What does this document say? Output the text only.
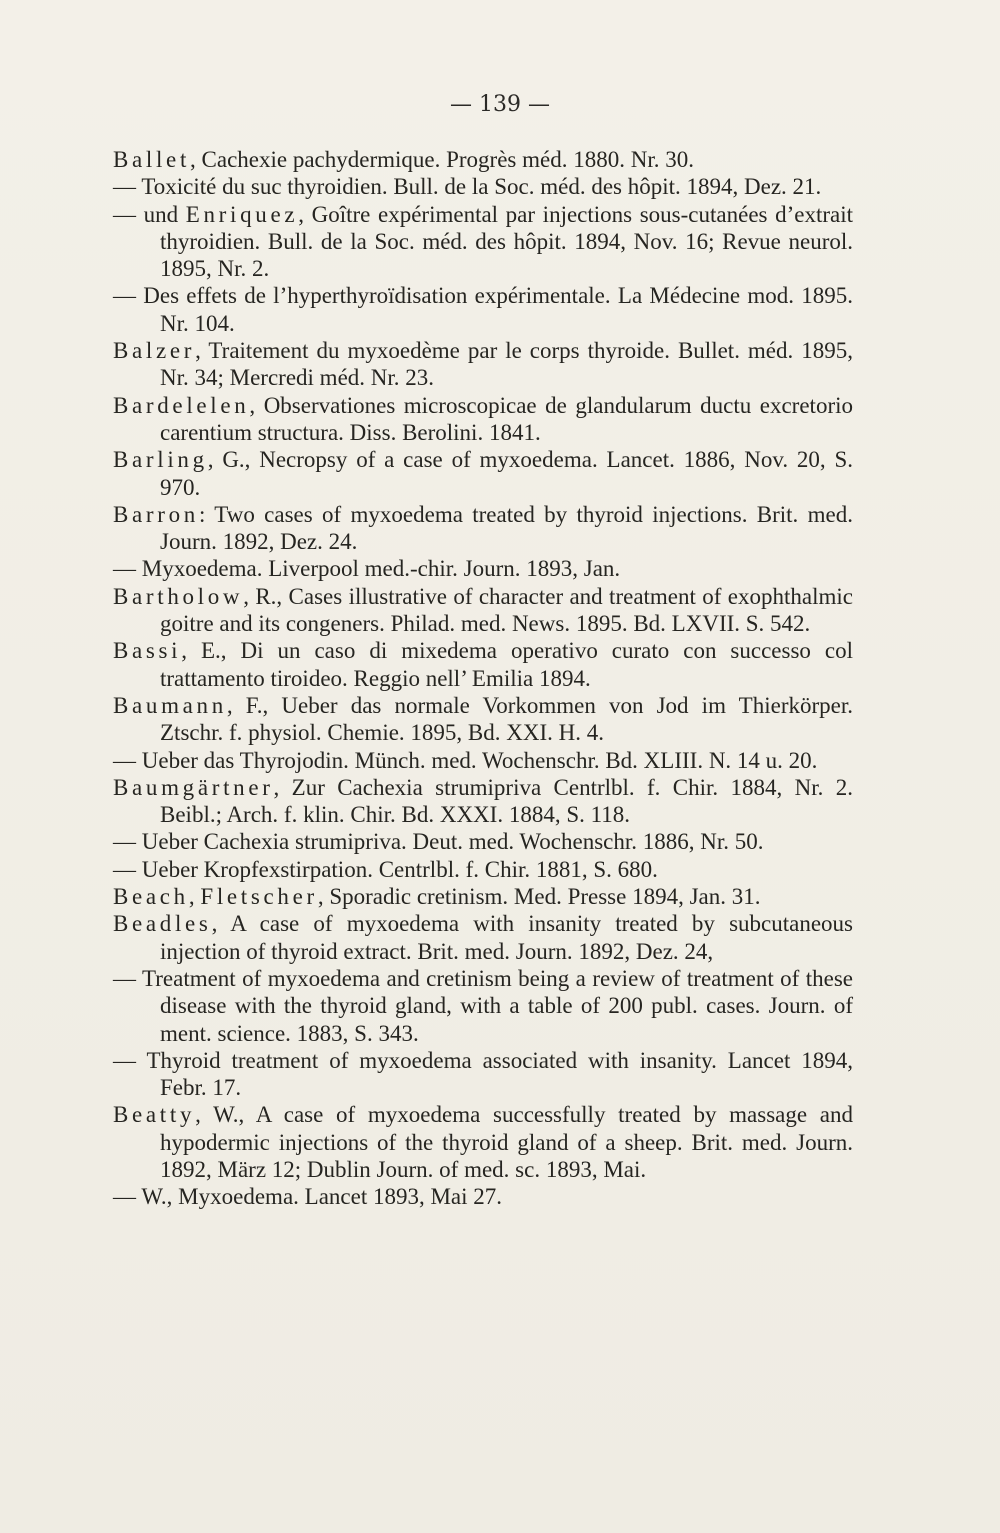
— 139 —

Ballet, Cachexie pachydermique. Progrès méd. 1880. Nr. 30.

— Toxicité du suc thyroidien. Bull. de la Soc. méd. des hôpit. 1894, Dez. 21.

— und Enriquez, Goître expérimental par injections sous-cutanées d’extrait thyroidien. Bull. de la Soc. méd. des hôpit. 1894, Nov. 16; Revue neurol. 1895, Nr. 2.

— Des effets de l’hyperthyroïdisation expérimentale. La Médecine mod. 1895. Nr. 104.

Balzer, Traitement du myxoedème par le corps thyroide. Bullet. méd. 1895, Nr. 34; Mercredi méd. Nr. 23.

Bardelelen, Observationes microscopicae de glandularum ductu excretorio carentium structura. Diss. Berolini. 1841.

Barling, G., Necropsy of a case of myxoedema. Lancet. 1886, Nov. 20, S. 970.

Barron: Two cases of myxoedema treated by thyroid injections. Brit. med. Journ. 1892, Dez. 24.

— Myxoedema. Liverpool med.-chir. Journ. 1893, Jan.

Bartholow, R., Cases illustrative of character and treatment of exophthalmic goitre and its congeners. Philad. med. News. 1895. Bd. LXVII. S. 542.

Bassi, E., Di un caso di mixedema operativo curato con successo col trattamento tiroideo. Reggio nell’ Emilia 1894.

Baumann, F., Ueber das normale Vorkommen von Jod im Thierkörper. Ztschr. f. physiol. Chemie. 1895, Bd. XXI. H. 4.

— Ueber das Thyrojodin. Münch. med. Wochenschr. Bd. XLIII. N. 14 u. 20.

Baumgärtner, Zur Cachexia strumipriva Centrlbl. f. Chir. 1884, Nr. 2. Beibl.; Arch. f. klin. Chir. Bd. XXXI. 1884, S. 118.

— Ueber Cachexia strumipriva. Deut. med. Wochenschr. 1886, Nr. 50.

— Ueber Kropfexstirpation. Centrlbl. f. Chir. 1881, S. 680.

Beach, Fletscher, Sporadic cretinism. Med. Presse 1894, Jan. 31.

Beadles, A case of myxoedema with insanity treated by subcutaneous injection of thyroid extract. Brit. med. Journ. 1892, Dez. 24,

— Treatment of myxoedema and cretinism being a review of treatment of these disease with the thyroid gland, with a table of 200 publ. cases. Journ. of ment. science. 1883, S. 343.

— Thyroid treatment of myxoedema associated with insanity. Lancet 1894, Febr. 17.

Beatty, W., A case of myxoedema successfully treated by massage and hypodermic injections of the thyroid gland of a sheep. Brit. med. Journ. 1892, März 12; Dublin Journ. of med. sc. 1893, Mai.

— W., Myxoedema. Lancet 1893, Mai 27.
